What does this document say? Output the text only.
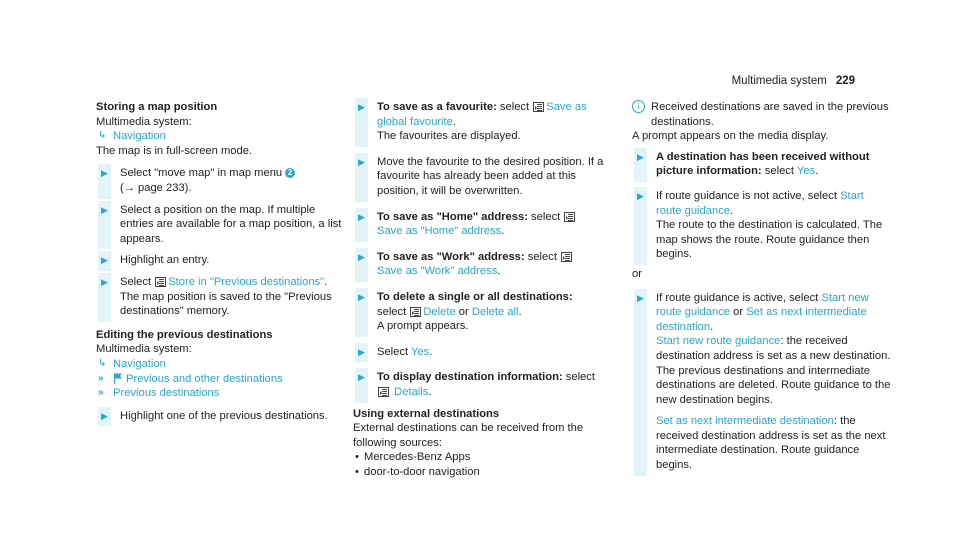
Multimedia system 229

Storing a map position

Multimedia system:

↳ Navigation

The map is in full-screen mode.

▶ Select "move map" in map menu 2
(→ page 233).
▶ Select a position on the map. If multiple entries are available for a map position, a list appears.
▶ Highlight an entry.
▶ Select Store in "Previous destinations".
The map position is saved to the "Previous destinations" memory.

Editing the previous destinations

Multimedia system:

↳ Navigation
» Previous and other destinations
» Previous destinations
▶ Highlight one of the previous destinations.
▶ To save as a favourite: select Save as global favourite.
The favourites are displayed.
▶ Move the favourite to the desired position. If a favourite has already been added at this position, it will be overwritten.
▶ To save as "Home" address: select
Save as "Home" address.
▶ To save as "Work" address: select
Save as "Work" address.
▶ To delete a single or all destinations:
select Delete or Delete all.
A prompt appears.
▶ Select Yes.
▶ To display destination information: select
Details.

Using external destinations

External destinations can be received from the following sources:

• Mercedes-Benz Apps
• door-to-door navigation
i	Received destinations are saved in the previous destinations.

A prompt appears on the media display.

▶ A destination has been received without picture information: select Yes.
▶ If route guidance is not active, select Start route guidance.
The route to the destination is calculated. The map shows the route. Route guidance then begins.

or

▶ If route guidance is active, select Start new route guidance or Set as next intermediate destination.
Start new route guidance: the received destination address is set as a new destination. The previous destinations and intermediate destinations are deleted. Route guidance to the new destination begins.
Set as next intermediate destination: the received destination address is set as the next intermediate destination. Route guidance begins.
